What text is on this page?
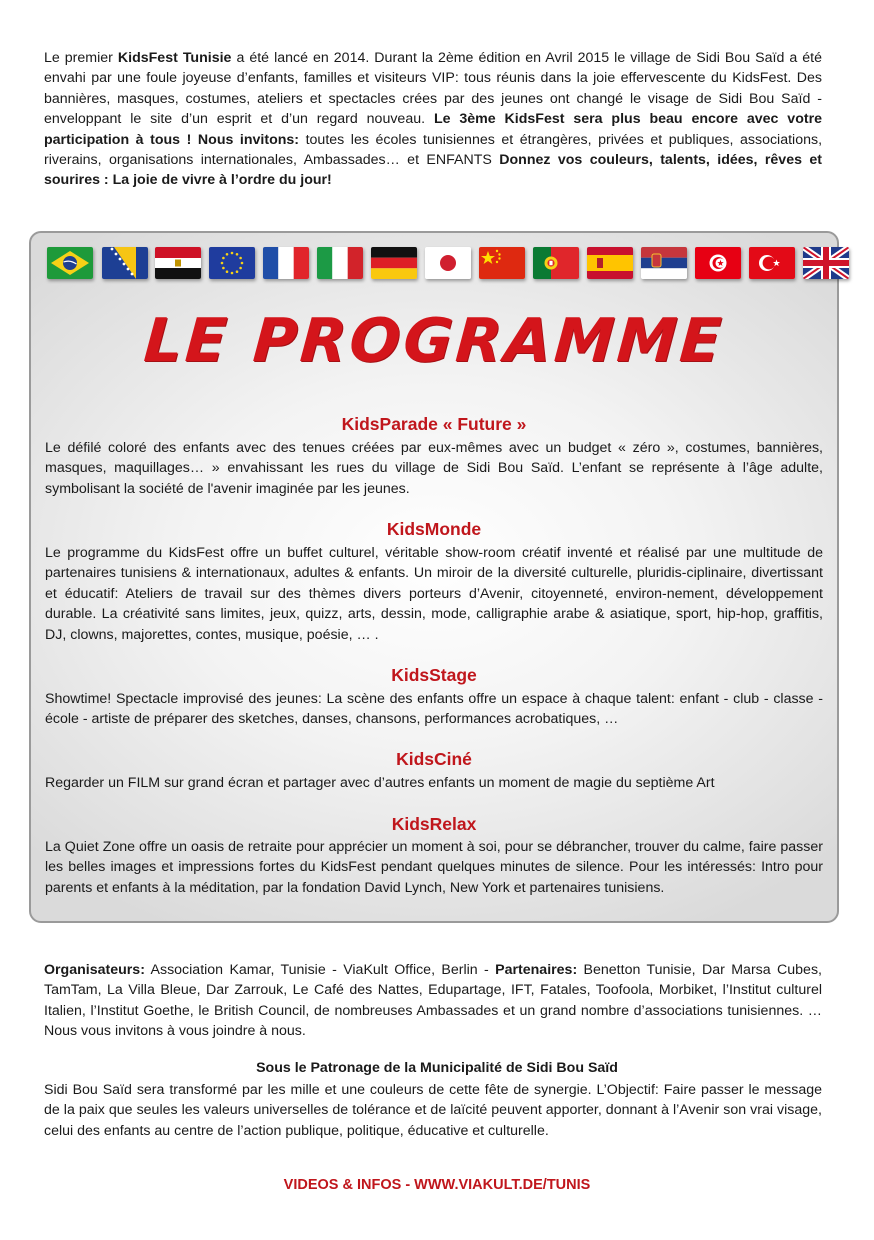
Le premier KidsFest Tunisie a été lancé en 2014. Durant la 2ème édition en Avril 2015 le village de Sidi Bou Saïd a été envahi par une foule joyeuse d’enfants, familles et visiteurs VIP: tous réunis dans la joie effervescente du KidsFest. Des bannières, masques, costumes, ateliers et spectacles crées par des jeunes ont changé le visage de Sidi Bou Saïd - enveloppant le site d’un esprit et d’un regard nouveau. Le 3ème KidsFest sera plus beau encore avec votre participation à tous ! Nous invitons: toutes les écoles tunisiennes et étrangères, privées et publiques, associations, riverains, organisations internationales, Ambassades… et ENFANTS Donnez vos couleurs, talents, idées, rêves et sourires : La joie de vivre à l’ordre du jour!

LE PROGRAMME
KidsParade « Future »

Le défilé coloré des enfants avec des tenues créées par eux-mêmes avec un budget « zéro », costumes, bannières, masques, maquillages… » envahissant les rues du village de Sidi Bou Saïd. L’enfant se représente à l’âge adulte, symbolisant la société de l'avenir imaginée par les jeunes.

KidsMonde

Le programme du KidsFest offre un buffet culturel, véritable show-room créatif inventé et réalisé par une multitude de partenaires tunisiens & internationaux, adultes & enfants. Un miroir de la diversité culturelle, pluridis-ciplinaire, divertissant et éducatif: Ateliers de travail sur des thèmes divers porteurs d’Avenir, citoyenneté, environ-nement, développement durable. La créativité sans limites, jeux, quizz, arts, dessin, mode, calligraphie arabe & asiatique, sport, hip-hop, graffitis, DJ, clowns, majorettes, contes, musique, poésie, … .

KidsStage

Showtime! Spectacle improvisé des jeunes: La scène des enfants offre un espace à chaque talent: enfant - club - classe - école - artiste de préparer des sketches, danses, chansons, performances acrobatiques, …

KidsCiné

Regarder un FILM sur grand écran et partager avec d’autres enfants un moment de magie du septième Art

KidsRelax

La Quiet Zone offre un oasis de retraite pour apprécier un moment à soi, pour se débrancher, trouver du calme, faire passer les belles images et impressions fortes du KidsFest pendant quelques minutes de silence. Pour les intéressés: Intro pour parents et enfants à la méditation, par la fondation David Lynch, New York et partenaires tunisiens.

Organisateurs: Association Kamar, Tunisie - ViaKult Office, Berlin - Partenaires: Benetton Tunisie, Dar Marsa Cubes, TamTam, La Villa Bleue, Dar Zarrouk, Le Café des Nattes, Edupartage, IFT, Fatales, Toofoola, Morbiket, l’Institut culturel Italien, l’Institut Goethe, le British Council, de nombreuses Ambassades et un grand nombre d’associations tunisiennes. … Nous vous invitons à vous joindre à nous.

Sous le Patronage de la Municipalité de Sidi Bou Saïd

Sidi Bou Saïd sera transformé par les mille et une couleurs de cette fête de synergie. L’Objectif: Faire passer le message de la paix que seules les valeurs universelles de tolérance et de laïcité peuvent apporter, donnant à l’Avenir son vrai visage, celui des enfants au centre de l’action publique, politique, éducative et culturelle.

VIDEOS & INFOS - WWW.VIAKULT.DE/TUNIS
